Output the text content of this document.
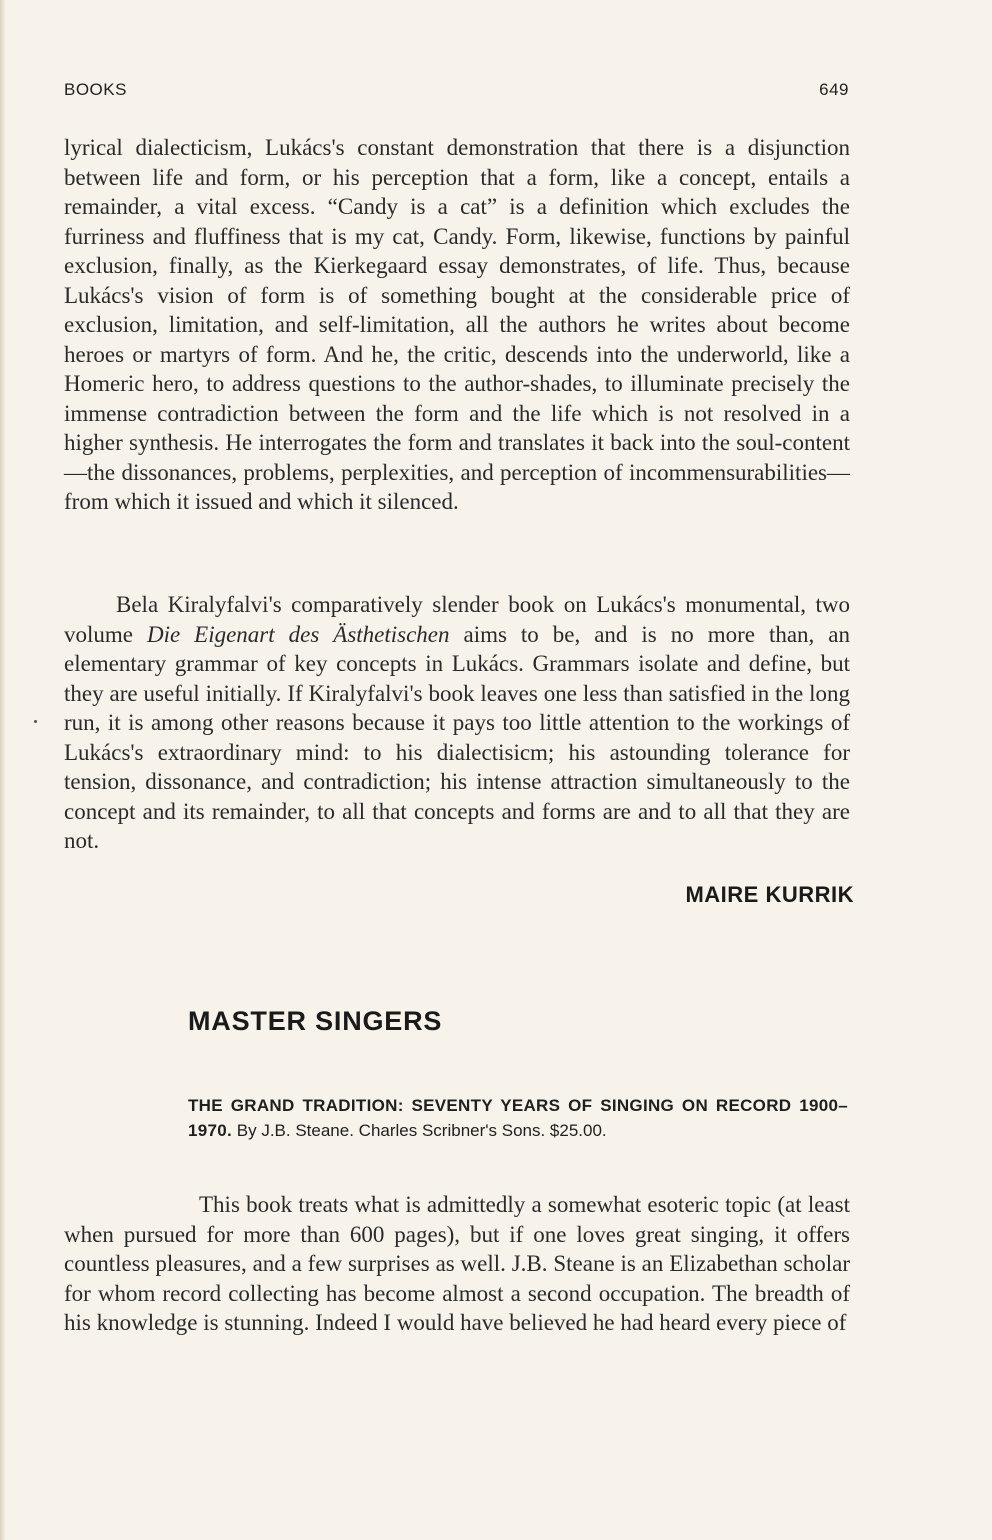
BOOKS	649

lyrical dialecticism, Lukács's constant demonstration that there is a disjunction between life and form, or his perception that a form, like a concept, entails a remainder, a vital excess. “Candy is a cat” is a definition which excludes the furriness and fluffiness that is my cat, Candy. Form, likewise, functions by painful exclusion, finally, as the Kierkegaard essay demonstrates, of life. Thus, because Lukács's vision of form is of something bought at the considerable price of exclusion, limitation, and self-limitation, all the authors he writes about become heroes or martyrs of form. And he, the critic, descends into the underworld, like a Homeric hero, to address questions to the author-shades, to illuminate precisely the immense contradiction between the form and the life which is not resolved in a higher synthesis. He interrogates the form and translates it back into the soul-content—the dissonances, problems, perplexities, and perception of incommensurabilities—from which it issued and which it silenced.

Bela Kiralyfalvi's comparatively slender book on Lukács's monumental, two volume Die Eigenart des Ästhetischen aims to be, and is no more than, an elementary grammar of key concepts in Lukács. Grammars isolate and define, but they are useful initially. If Kiralyfalvi's book leaves one less than satisfied in the long run, it is among other reasons because it pays too little attention to the workings of Lukács's extraordinary mind: to his dialectisicm; his astounding tolerance for tension, dissonance, and contradiction; his intense attraction simultaneously to the concept and its remainder, to all that concepts and forms are and to all that they are not.

MAIRE KURRIK
MASTER SINGERS
THE GRAND TRADITION: SEVENTY YEARS OF SINGING ON RECORD 1900–1970. By J.B. Steane. Charles Scribner's Sons. $25.00.

This book treats what is admittedly a somewhat esoteric topic (at least when pursued for more than 600 pages), but if one loves great singing, it offers countless pleasures, and a few surprises as well. J.B. Steane is an Elizabethan scholar for whom record collecting has become almost a second occupation. The breadth of his knowledge is stunning. Indeed I would have believed he had heard every piece of
